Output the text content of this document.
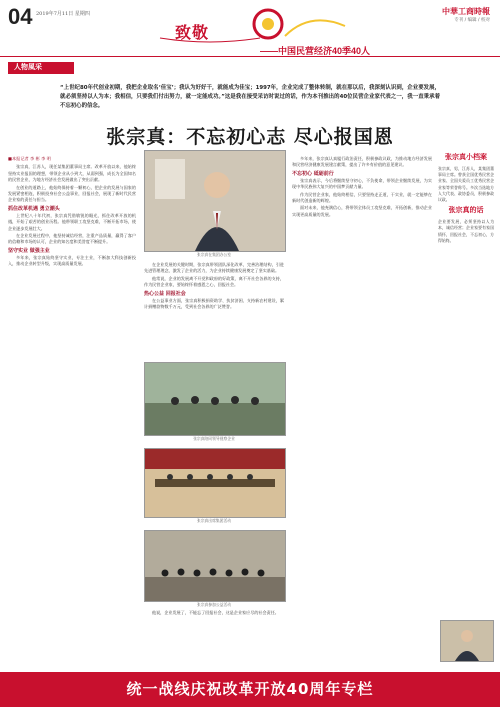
04 2019年7月11日 星期四
致敬
——中国民营经济40季40人
中華工商時報
专刊 / 编辑 / 校对
人物風采
“上世纪80年代创业初期，我把企业取名‘佳宝’；我认为好好干，就能成为佳宝；1997年，企业完成了整体转制，就在那以后，我深刻认识到，企业要发展，就必须坚持以人为本；我相信，只要我们付出努力，就一定能成功。”这是我在接受采访时说过的话，作为本刊推出的40位民营企业家代表之一，我一直秉承着不忘初心的信念。
张宗真：不忘初心志 尽心报国恩
■本报记者 李 彬 李 明

张宗真，江苏人，现任某集团董事局主席。改革开放以来，他始终坚持实业报国的理想，带领企业从小到大，从弱到强，成长为全国知名的民营企业，为地方经济社会发展做出了突出贡献。

在创业的道路上，他始终保持着一颗初心，把企业的发展与国家的发展紧密相连，积极投身社会公益事业，回报社会，展现了新时代民营企业家的责任与担当。

抓住改革机遇 勇立潮头

上世纪八十年代初，张宗真凭借敏锐的眼光，抓住改革开放的机遇，开始了艰苦的创业历程。他带领职工攻坚克难，不断开拓市场，使企业逐步发展壮大。

在企业发展过程中，他坚持诚信经营，注重产品质量，赢得了客户的信赖和市场的认可，企业的知名度和美誉度不断提升。

坚守实业 做强主业

多年来，张宗真始终坚守实业，专注主业，不断加大科技创新投入，推动企业转型升级，实现高质量发展。

张宗真在集团办公室
张宗真陪同领导视察企业
张宗真出席集团活动
张宗真参加公益活动

在企业发展的关键时期，张宗真带领团队深化改革，完善治理结构，引进先进管理理念，激发了企业的活力，为企业持续健康发展奠定了坚实基础。

他常说，企业的发展离不开党和政府的好政策，离不开社会各界的支持，作为民营企业家，要始终怀着感恩之心，回报社会。

热心公益 回报社会

在公益事业方面，张宗真积极捐资助学、扶贫济困、支持新农村建设，累计捐赠款物数千万元，受到社会各界的广泛赞誉。

他说，企业发展了，不能忘了回报社会，这是企业家应尽的社会责任。

多年来，张宗真认真履行政治责任，积极参政议政，为推动地方经济发展和民营经济健康发展建言献策，提出了许多有价值的意见建议。

不忘初心 砥砺前行

张宗真表示，今后将继续坚守初心，不负使命，带领企业继续发展，为实现中华民族伟大复兴的中国梦贡献力量。

作为民营企业家，他始终相信，只要坚持走正道，干实业，就一定能够在新时代创造新的辉煌。

面对未来，他充满信心，将带领全体员工攻坚克难，开拓创新，推动企业实现更高质量的发展。

张宗真小档案
张宗真，男，江苏人，某集团董事局主席。曾获全国优秀民营企业家、全国关爱员工优秀民营企业家等荣誉称号。多次当选地方人大代表、政协委员，积极参政议政。
张宗真的话
企业要发展，必须坚持以人为本，诚信经营；企业家要有家国情怀，回报社会，不忘初心，方得始终。
统一战线庆祝改革开放40周年专栏
